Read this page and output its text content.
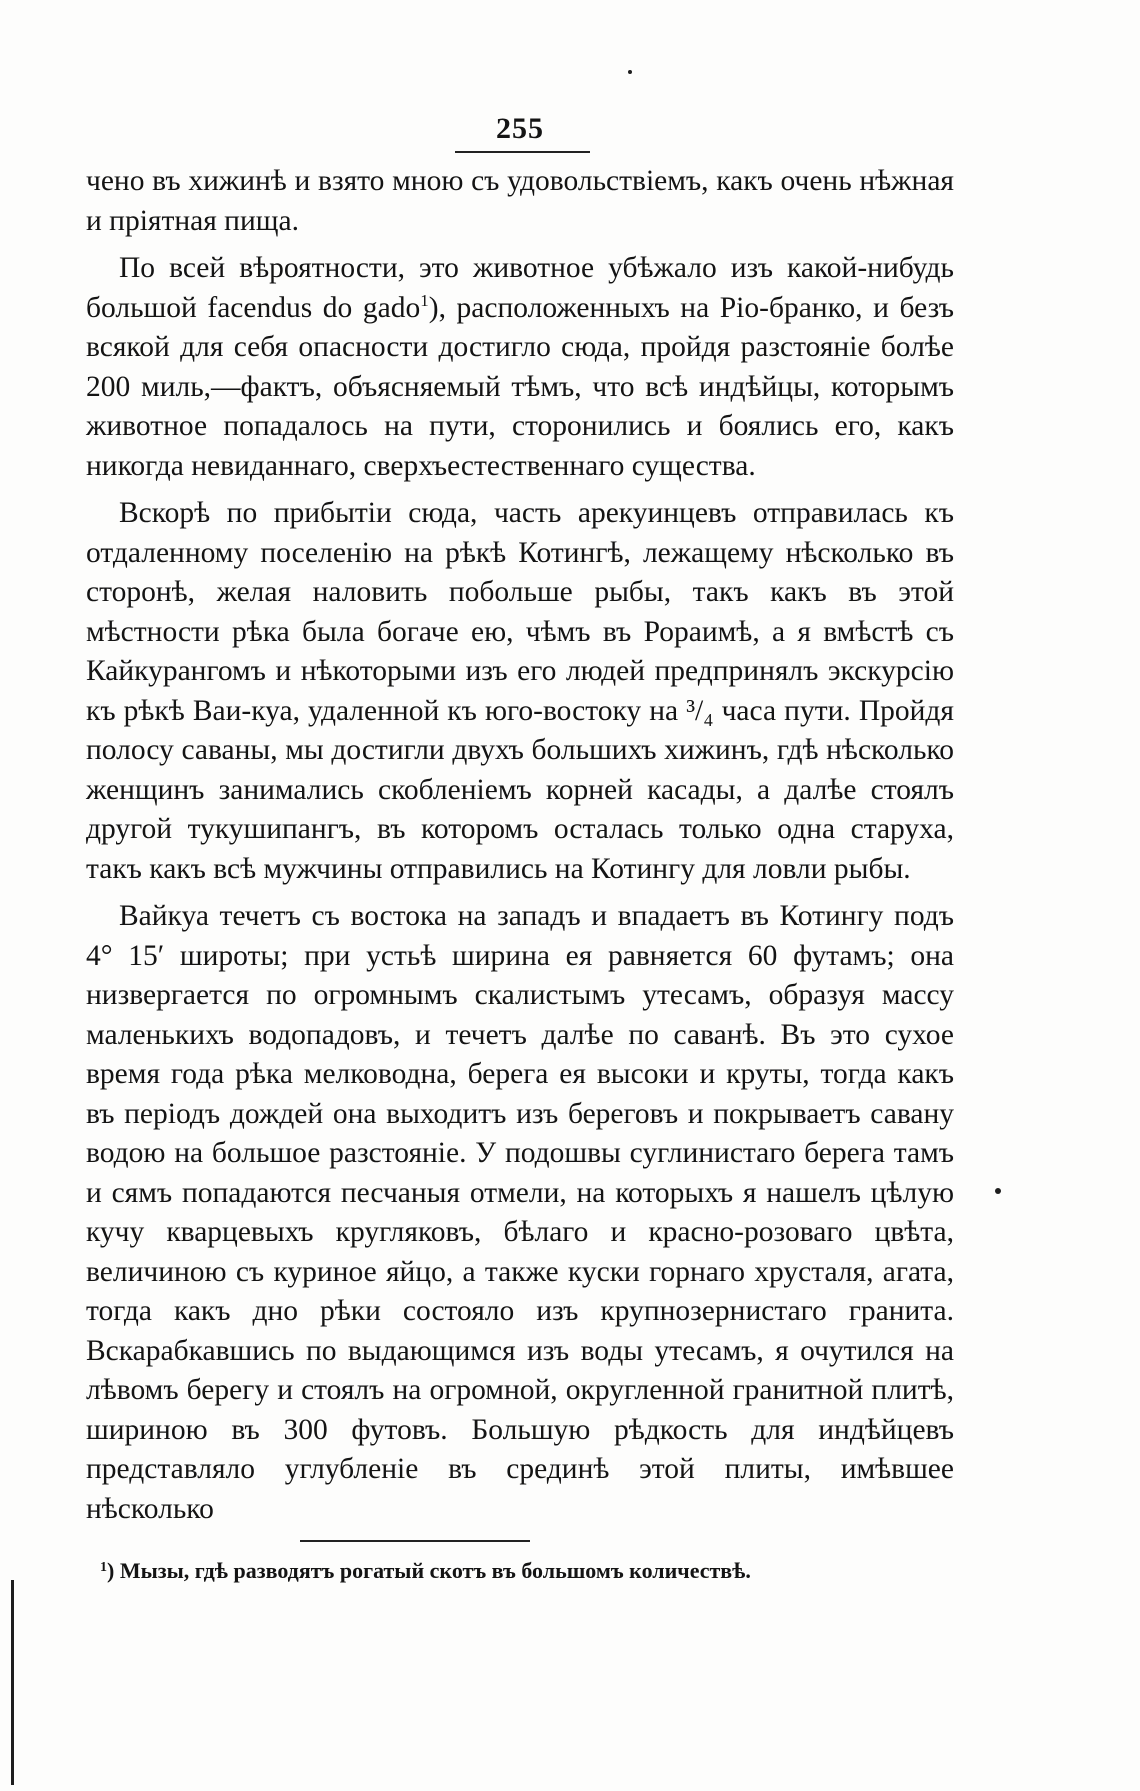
255

чено въ хижинѣ и взято мною съ удовольствіемъ, какъ очень нѣжная и пріятная пища.

По всей вѣроятности, это животное убѣжало изъ какой-нибудь большой facendus do gado$^1$), расположенныхъ на Ріо-бранко, и безъ всякой для себя опасности достигло сюда, пройдя разстояніе болѣе 200 миль,—фактъ, объясняемый тѣмъ, что всѣ индѣйцы, которымъ животное попадалось на пути, сторонились и боялись его, какъ никогда невиданнаго, сверхъестественнаго существа.

Вскорѣ по прибытіи сюда, часть арекуинцевъ отправилась къ отдаленному поселенію на рѣкѣ Котингѣ, лежащему нѣсколько въ сторонѣ, желая наловить побольше рыбы, такъ какъ въ этой мѣстности рѣка была богаче ею, чѣмъ въ Рораимѣ, а я вмѣстѣ съ Кайкурангомъ и нѣкоторыми изъ его людей предпринялъ экскурсію къ рѣкѣ Ваи-куа, удаленной къ юго-востоку на ³/₄ часа пути. Пройдя полосу саваны, мы достигли двухъ большихъ хижинъ, гдѣ нѣсколько женщинъ занимались скобленіемъ корней касады, а далѣе стоялъ другой тукушипангъ, въ которомъ осталась только одна старуха, такъ какъ всѣ мужчины отправились на Котингу для ловли рыбы.

Вайкуа течетъ съ востока на западъ и впадаетъ въ Котингу подъ 4° 15′ широты; при устьѣ ширина ея равняется 60 футамъ; она низвергается по огромнымъ скалистымъ утесамъ, образуя массу маленькихъ водопадовъ, и течетъ далѣе по саванѣ. Въ это сухое время года рѣка мелководна, берега ея высоки и круты, тогда какъ въ періодъ дождей она выходитъ изъ береговъ и покрываетъ савану водою на большое разстояніе. У подошвы суглинистаго берега тамъ и сямъ попадаются песчаныя отмели, на которыхъ я нашелъ цѣлую кучу кварцевыхъ кругляковъ, бѣлаго и красно-розоваго цвѣта, величиною съ куриное яйцо, а также куски горнаго хрусталя, агата, тогда какъ дно рѣки состояло изъ крупнозернистаго гранита. Вскарабкавшись по выдающимся изъ воды утесамъ, я очутился на лѣвомъ берегу и стоялъ на огромной, округленной гранитной плитѣ, шириною въ 300 футовъ. Большую рѣдкость для индѣйцевъ представляло углубленіе въ срединѣ этой плиты, имѣвшее нѣсколько

$^1$) Мызы, гдѣ разводятъ рогатый скотъ въ большомъ количествѣ.
